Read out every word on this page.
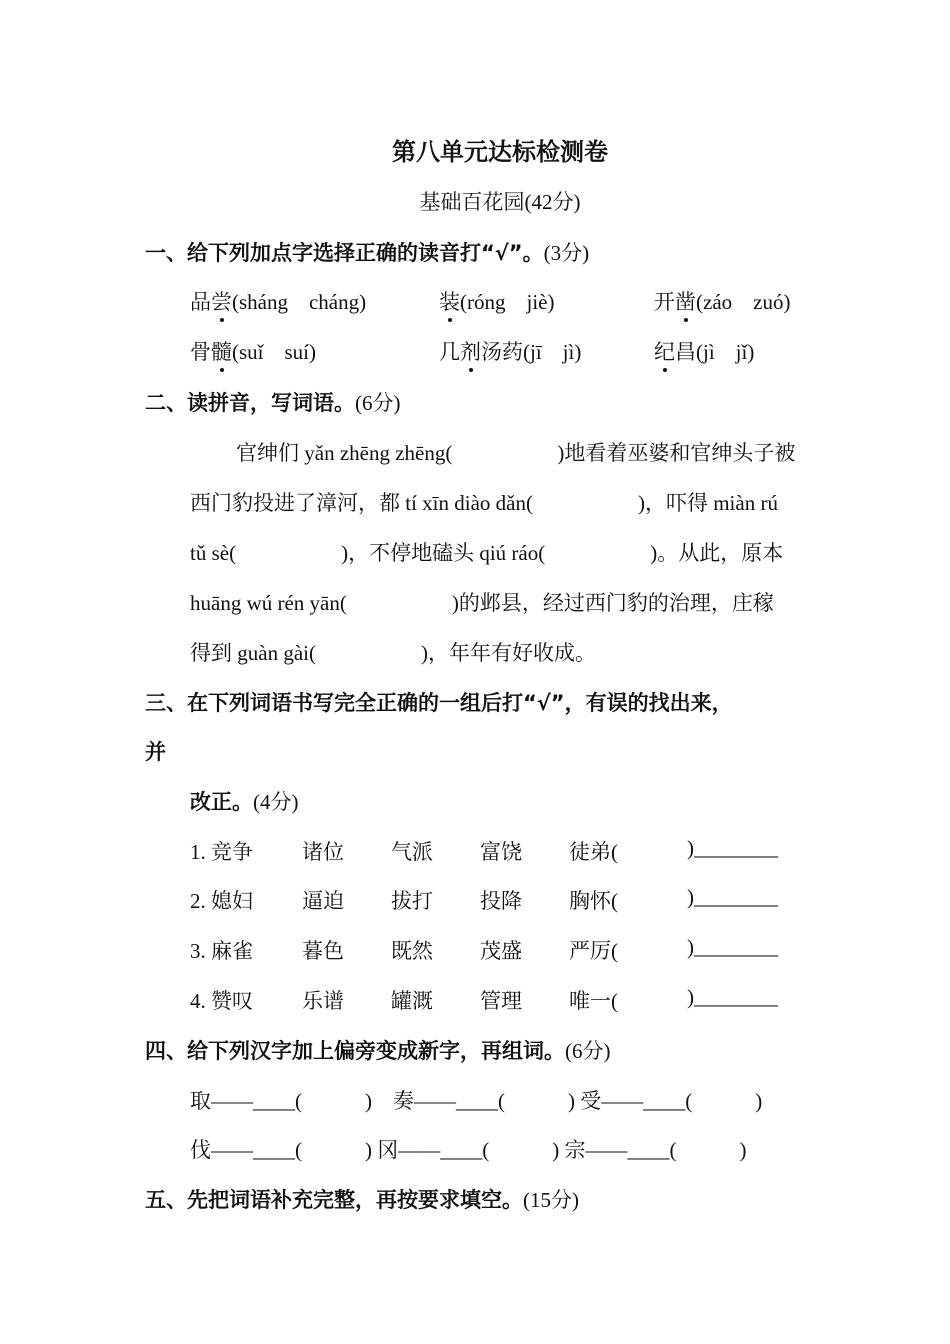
第八单元达标检测卷
基础百花园(42分)
一、给下列加点字选择正确的读音打“√”。(3分)
品尝(sháng　cháng)	装(róng　jiè)	开凿(záo　zuó)
骨髓(suǐ　suí)	几剂汤药(jī　jì)	纪昌(jì　jǐ)
二、读拼音，写词语。(6分)
官绅们 yǎn zhēng zhēng(　　　　　)地看着巫婆和官绅头子被
西门豹投进了漳河，都 tí xīn diào dǎn(　　　　　)，吓得 miàn rú
tǔ sè(　　　　　)，不停地磕头 qiú ráo(　　　　　)。从此，原本
huāng wú rén yān(　　　　　)的邺县，经过西门豹的治理，庄稼
得到 guàn gài(　　　　　)，年年有好收成。
三、在下列词语书写完全正确的一组后打“√”，有误的找出来，
并
改正。(4分)
1. 竞争 诸位 气派 富饶 徒弟(	)________
2. 媳妇 逼迫 拔打 投降 胸怀(	)________
3. 麻雀 暮色 既然 茂盛 严厉(	)________
4. 赞叹 乐谱 罐溉 管理 唯一(	)________
四、给下列汉字加上偏旁变成新字，再组词。(6分)
取——____(　　　)　奏——____(　　　) 受——____(　　　)
伐——____(　　　) 冈——____(　　　) 宗——____(　　　)
五、先把词语补充完整，再按要求填空。(15分)
